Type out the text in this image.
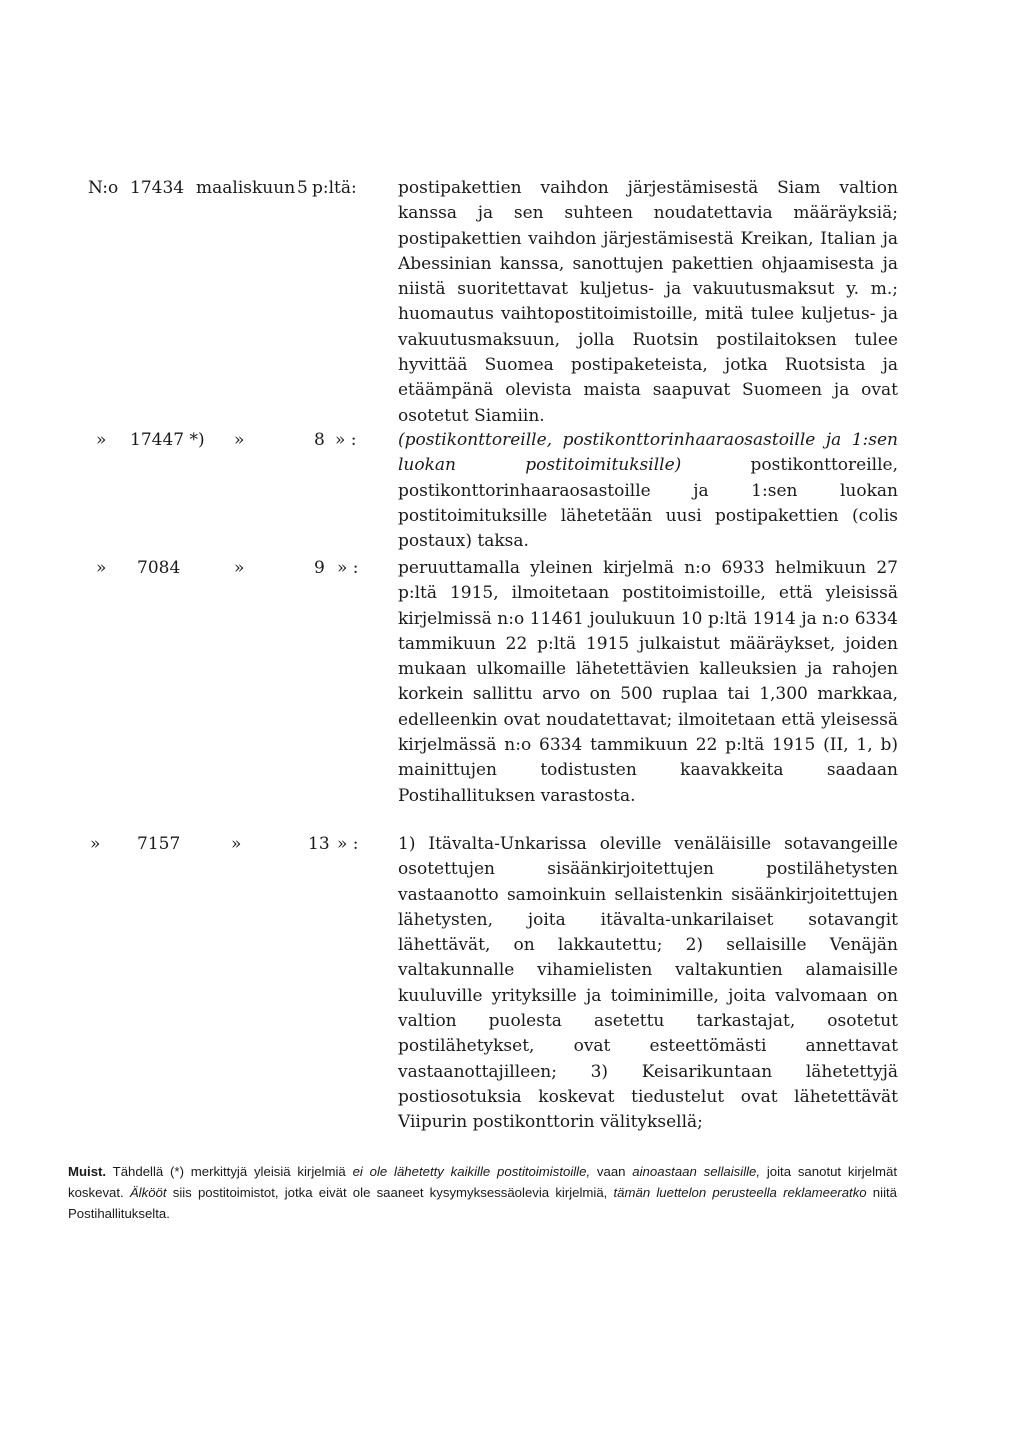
N:o 17434 maaliskuun 5 p:ltä: postipakettien vaihdon järjestämisestä Siam valtion kanssa ja sen suhteen noudatettavia määräyksiä; postipakettien vaihdon järjestämisestä Kreikan, Italian ja Abessinian kanssa, sanottujen pakettien ohjaamisesta ja niistä suoritettavat kuljetus- ja vakuutusmaksut y. m.; huomautus vaihtopostitoimistoille, mitä tulee kuljetus- ja vakuutusmaksuun, jolla Ruotsin postilaitoksen tulee hyvittää Suomea postipaketeista, jotka Ruotsista ja etäämpänä olevista maista saapuvat Suomeen ja ovat osotetut Siamiin.
» 17447 *) »	8 » : (postikonttoreille, postikonttorinhaaraosastoille ja 1:sen luokan postitoimituksille) postikonttoreille, postikonttorinhaaraosastoille ja 1:sen luokan postitoimituksille lähetetään uusi postipakettien (colis postaux) taksa.
» 7084	»	9 » : peruuttamalla yleinen kirjelmä n:o 6933 helmikuun 27 p:ltä 1915, ilmoitetaan postitoimistoille, että yleisissä kirjelmissä n:o 11461 joulukuun 10 p:ltä 1914 ja n:o 6334 tammikuun 22 p:ltä 1915 julkaistut määräykset, joiden mukaan ulkomaille lähetettävien kalleuksien ja rahojen korkein sallittu arvo on 500 ruplaa tai 1,300 markkaa, edelleenkin ovat noudatettavat; ilmoitetaan että yleisessä kirjelmässä n:o 6334 tammikuun 22 p:ltä 1915 (II, 1, b) mainittujen todistusten kaavakkeita saadaan Postihallituksen varastosta.
» 7157	»	13 » : 1) Itävalta-Unkarissa oleville venäläisille sotavangeille osotettujen sisäänkirjoitettujen postilähetysten vastaanotto samoinkuin sellaistenkin sisäänkirjoitettujen lähetysten, joita itävalta-unkarilaiset sotavangit lähettävät, on lakkautettu; 2) sellaisille Venäjän valtakunnalle vihamielisten valtakuntien alamaisille kuuluville yrityksille ja toiminimille, joita valvomaan on valtion puolesta asetettu tarkastajat, osotetut postilähetykset, ovat esteettömästi annettavat vastaanottajilleen; 3) Keisarikuntaan lähetettyjä postiosotuksia koskevat tiedustelut ovat lähetettävät Viipurin postikonttorin välityksellä;
Muist. Tähdellä (*) merkittyjä yleisiä kirjelmiä ei ole lähetetty kaikille postitoimistoille, vaan ainoastaan sellaisille, joita sanotut kirjelmät koskevat. Älkööt siis postitoimistot, jotka eivät ole saaneet kysymyksessäolevia kirjelmiä, tämän luettelon perusteella reklameeratko niitä Postihallitukselta.
